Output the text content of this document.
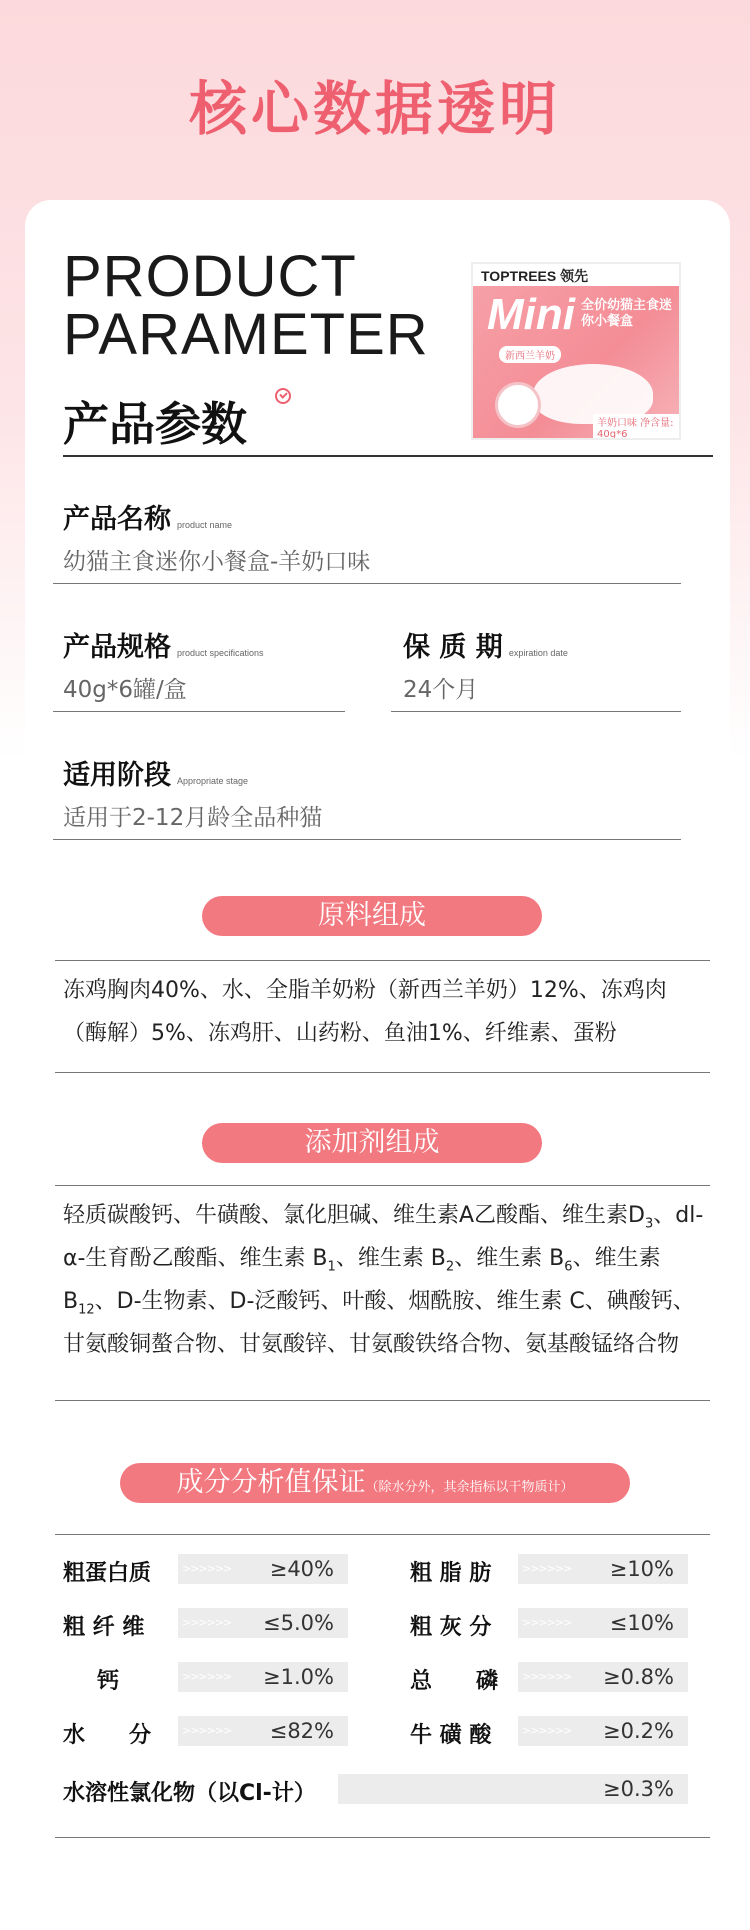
核心数据透明
PRODUCT
PARAMETER
产品参数
TOPTREES 领先
Mini 全价幼猫主食迷你小餐盒
新西兰羊奶
羊奶口味 净含量: 40g*6
产品名称 product name
幼猫主食迷你小餐盒-羊奶口味
产品规格 product specifications
40g*6罐/盒
保 质 期 expiration date
24个月
适用阶段 Appropriate stage
适用于2-12月龄全品种猫
原料组成
冻鸡胸肉40%、水、全脂羊奶粉（新西兰羊奶）12%、冻鸡肉（酶解）5%、冻鸡肝、山药粉、鱼油1%、纤维素、蛋粉
添加剂组成
轻质碳酸钙、牛磺酸、氯化胆碱、维生素A乙酸酯、维生素$D_3$、dl-α-生育酚乙酸酯、维生素 $B_1$、维生素 $B_2$、维生素 $B_6$、维生素 $B_{12}$、D-生物素、D-泛酸钙、叶酸、烟酰胺、维生素 C、碘酸钙、甘氨酸铜螯合物、甘氨酸锌、甘氨酸铁络合物、氨基酸锰络合物
成分分析值保证（除水分外，其余指标以干物质计）
粗蛋白质	>>>>>> ≥40%	粗 脂 肪	>>>>>> ≥10%
粗 纤 维	>>>>>> ≤5.0%	粗 灰 分	>>>>>> ≤10%
钙	>>>>>> ≥1.0%	总　　磷 >>>>>> ≥0.8%
水　　分	>>>>>> ≤82%	牛 磺 酸	>>>>>> ≥0.2%
水溶性氯化物（以Cl-计）	≥0.3%
